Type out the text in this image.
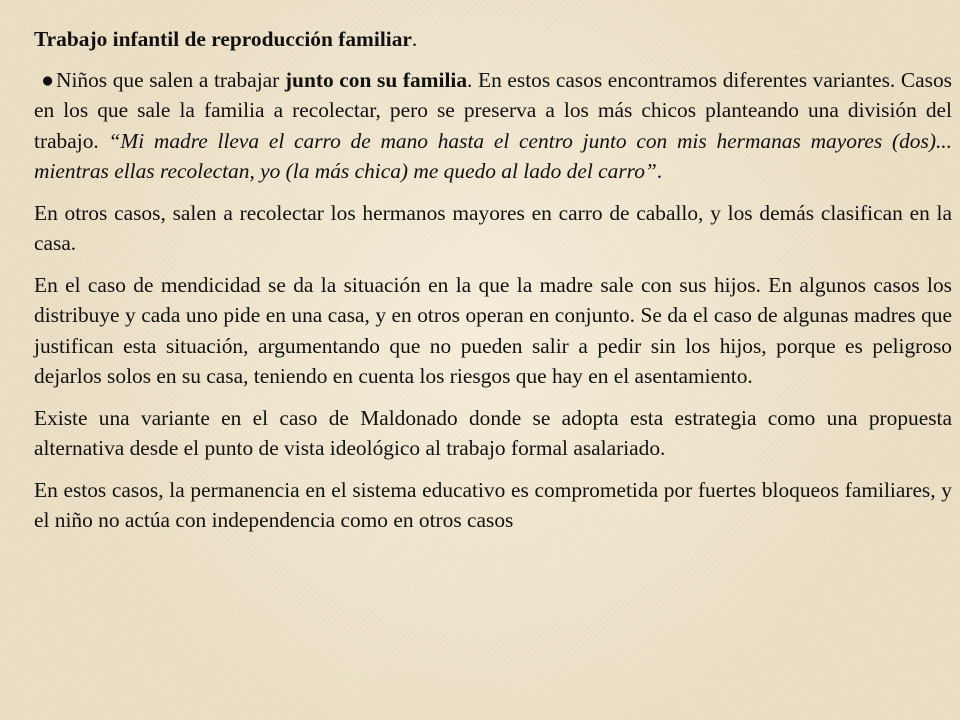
Trabajo infantil de reproducción familiar.

●Niños que salen a trabajar junto con su familia. En estos casos encontramos diferentes variantes. Casos en los que sale la familia a recolectar, pero se preserva a los más chicos planteando una división del trabajo. “Mi madre lleva el carro de mano hasta el centro junto con mis hermanas mayores (dos)... mientras ellas recolectan, yo (la más chica) me quedo al lado del carro”.

En otros casos, salen a recolectar los hermanos mayores en carro de caballo, y los demás clasifican en la casa.

En el caso de mendicidad se da la situación en la que la madre sale con sus hijos. En algunos casos los distribuye y cada uno pide en una casa, y en otros operan en conjunto. Se da el caso de algunas madres que justifican esta situación, argumentando que no pueden salir a pedir sin los hijos, porque es peligroso dejarlos solos en su casa, teniendo en cuenta los riesgos que hay en el asentamiento.

Existe una variante en el caso de Maldonado donde se adopta esta estrategia como una propuesta alternativa desde el punto de vista ideológico al trabajo formal asalariado.

En estos casos, la permanencia en el sistema educativo es comprometida por fuertes bloqueos familiares, y el niño no actúa con independencia como en otros casos
